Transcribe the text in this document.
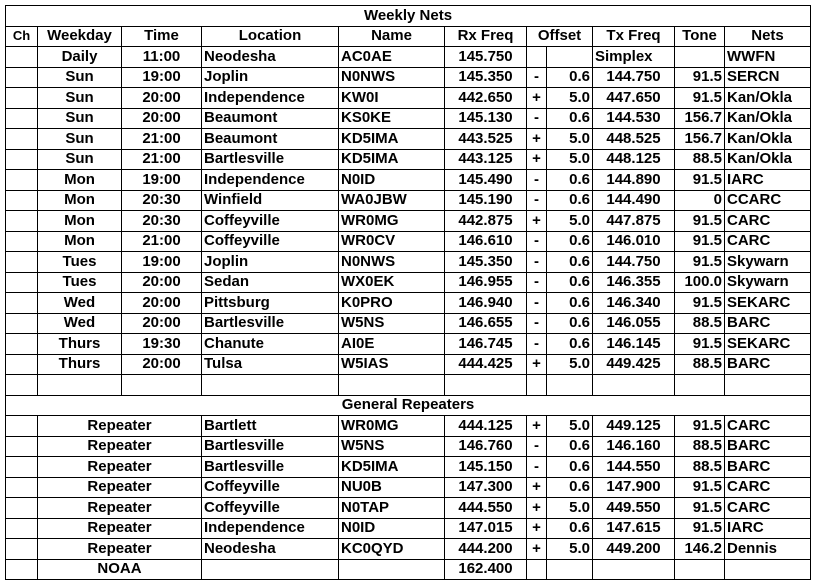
Weekly Nets										
Ch	Weekday	Time	Location	Name	Rx Freq	Offset		Tx Freq	Tone	Nets
	Daily	11:00	Neodesha	AC0AE	145.750			Simplex		WWFN
	Sun	19:00	Joplin	N0NWS	145.350	-	0.6	144.750	91.5	SERCN
	Sun	20:00	Independence	KW0I	442.650	+	5.0	447.650	91.5	Kan/Okla
	Sun	20:00	Beaumont	KS0KE	145.130	-	0.6	144.530	156.7	Kan/Okla
	Sun	21:00	Beaumont	KD5IMA	443.525	+	5.0	448.525	156.7	Kan/Okla
	Sun	21:00	Bartlesville	KD5IMA	443.125	+	5.0	448.125	88.5	Kan/Okla
	Mon	19:00	Independence	N0ID	145.490	-	0.6	144.890	91.5	IARC
	Mon	20:30	Winfield	WA0JBW	145.190	-	0.6	144.490	0	CCARC
	Mon	20:30	Coffeyville	WR0MG	442.875	+	5.0	447.875	91.5	CARC
	Mon	21:00	Coffeyville	WR0CV	146.610	-	0.6	146.010	91.5	CARC
	Tues	19:00	Joplin	N0NWS	145.350	-	0.6	144.750	91.5	Skywarn
	Tues	20:00	Sedan	WX0EK	146.955	-	0.6	146.355	100.0	Skywarn
	Wed	20:00	Pittsburg	K0PRO	146.940	-	0.6	146.340	91.5	SEKARC
	Wed	20:00	Bartlesville	W5NS	146.655	-	0.6	146.055	88.5	BARC
	Thurs	19:30	Chanute	AI0E	146.745	-	0.6	146.145	91.5	SEKARC
	Thurs	20:00	Tulsa	W5IAS	444.425	+	5.0	449.425	88.5	BARC

General Repeaters										
	Repeater		Bartlett	WR0MG	444.125	+	5.0	449.125	91.5	CARC
	Repeater		Bartlesville	W5NS	146.760	-	0.6	146.160	88.5	BARC
	Repeater		Bartlesville	KD5IMA	145.150	-	0.6	144.550	88.5	BARC
	Repeater		Coffeyville	NU0B	147.300	+	0.6	147.900	91.5	CARC
	Repeater		Coffeyville	N0TAP	444.550	+	5.0	449.550	91.5	CARC
	Repeater		Independence	N0ID	147.015	+	0.6	147.615	91.5	IARC
	Repeater		Neodesha	KC0QYD	444.200	+	5.0	449.200	146.2	Dennis
	NOAA				162.400					
